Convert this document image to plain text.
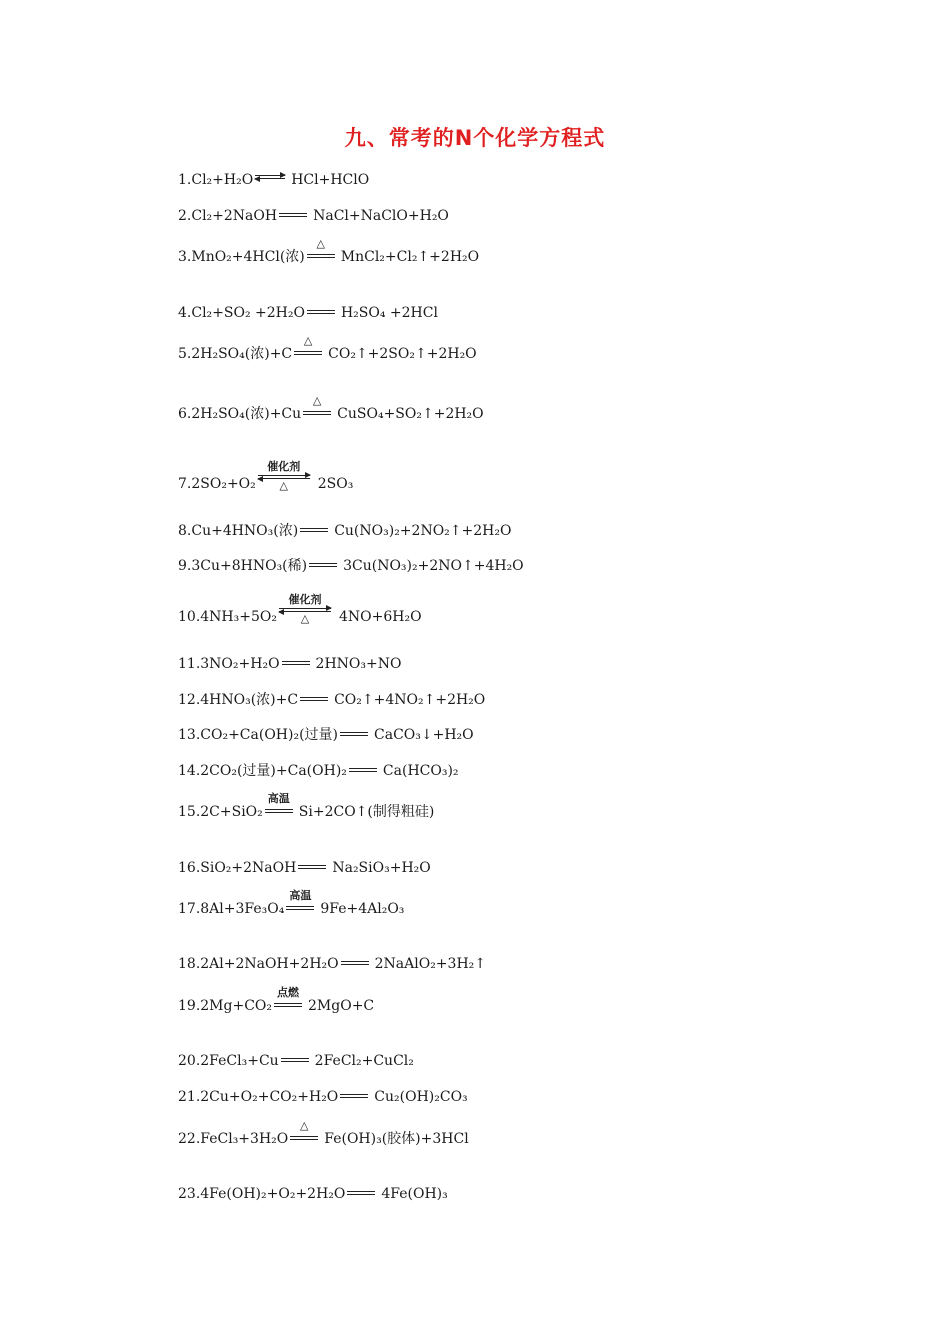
九、常考的N个化学方程式
1.Cl₂+H₂O ⇌ HCl+HClO
2.Cl₂+2NaOH	NaCl+NaClO+H₂O
3.MnO₂+4HCl(浓)
△
MnCl₂+Cl₂↑+2H₂O
4.Cl₂+SO₂ +2H₂O	H₂SO₄ +2HCl
5.2H₂SO₄(浓)+C
△
CO₂↑+2SO₂↑+2H₂O
6.2H₂SO₄(浓)+Cu
△
CuSO₄+SO₂↑+2H₂O
7.2SO₂+O₂
催化剂
△	2SO₃
8.Cu+4HNO₃(浓)	Cu(NO₃)₂+2NO₂↑+2H₂O
9.3Cu+8HNO₃(稀)	3Cu(NO₃)₂+2NO↑+4H₂O
10.4NH₃+5O₂
催化剂
△	4NO+6H₂O
11.3NO₂+H₂O	2HNO₃+NO
12.4HNO₃(浓)+C	CO₂↑+4NO₂↑+2H₂O
13.CO₂+Ca(OH)₂(过量)	CaCO₃↓+H₂O
14.2CO₂(过量)+Ca(OH)₂	Ca(HCO₃)₂
15.2C+SiO₂
高温
Si+2CO↑(制得粗硅)
16.SiO₂+2NaOH	Na₂SiO₃+H₂O
17.8Al+3Fe₃O₄
高温
9Fe+4Al₂O₃
18.2Al+2NaOH+2H₂O	2NaAlO₂+3H₂↑
19.2Mg+CO₂
点燃
2MgO+C
20.2FeCl₃+Cu	2FeCl₂+CuCl₂
21.2Cu+O₂+CO₂+H₂O	Cu₂(OH)₂CO₃
22.FeCl₃+3H₂O
△
Fe(OH)₃(胶体)+3HCl
23.4Fe(OH)₂+O₂+2H₂O	4Fe(OH)₃
